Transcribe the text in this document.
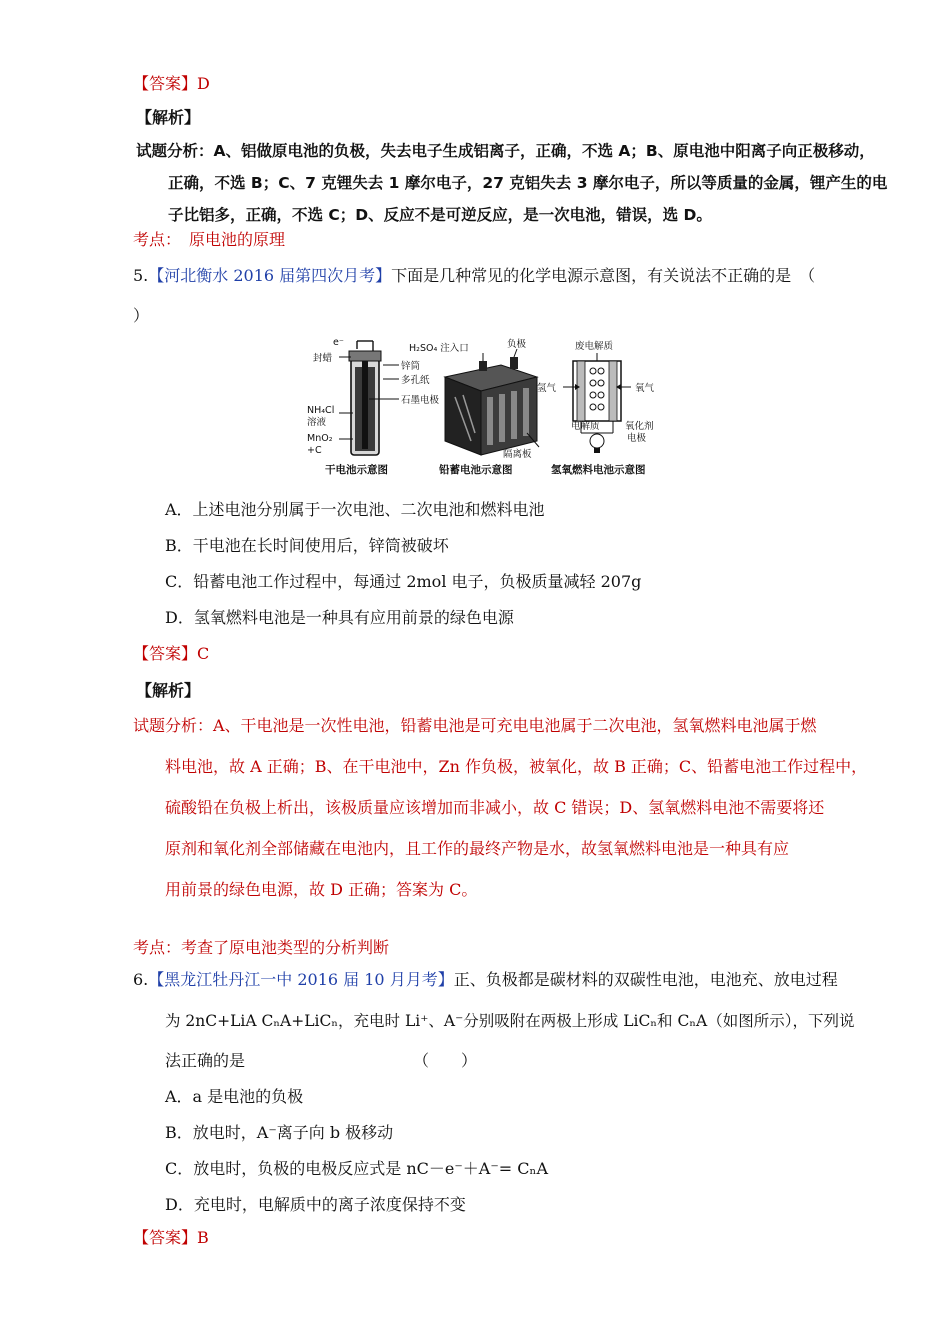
【答案】D
【解析】
试题分析：A、铝做原电池的负极，失去电子生成铝离子，正确，不选 A；B、原电池中阳离子向正极移动，
正确，不选 B；C、7 克锂失去 1 摩尔电子，27 克铝失去 3 摩尔电子，所以等质量的金属，锂产生的电
子比铝多，正确，不选 C；D、反应不是可逆反应，是一次电池，错误，选 D。
考点：　 原电池的原理
5.【河北衡水 2016 届第四次月考】下面是几种常见的化学电源示意图，有关说法不正确的是　（
）
e⁻
封蜡
锌筒
多孔纸
石墨电极
NH₄Cl
溶液
MnO₂
+C
干电池示意图
H₂SO₄ 注入口	负极
隔离板
铅蓄电池示意图
废电解质
氢气	氧气
电解质	氧化剂
电极
氢氧燃料电池示意图
A．上述电池分别属于一次电池、二次电池和燃料电池
B．干电池在长时间使用后，锌筒被破坏
C．铅蓄电池工作过程中，每通过 2mol 电子，负极质量减轻 207g
D．氢氧燃料电池是一种具有应用前景的绿色电源
【答案】C
【解析】
试题分析：A、干电池是一次性电池，铅蓄电池是可充电电池属于二次电池，氢氧燃料电池属于燃
料电池，故 A 正确；B、在干电池中，Zn 作负极，被氧化，故 B 正确；C、铅蓄电池工作过程中，
硫酸铅在负极上析出，该极质量应该增加而非减小，故 C 错误；D、氢氧燃料电池不需要将还
原剂和氧化剂全部储藏在电池内，且工作的最终产物是水，故氢氧燃料电池是一种具有应
用前景的绿色电源，故 D 正确；答案为 C。
考点：考查了原电池类型的分析判断
6.【黑龙江牡丹江一中 2016 届 10 月月考】正、负极都是碳材料的双碳性电池，电池充、放电过程
为 2nC+LiA CₙA+LiCₙ，充电时 Li⁺、A⁻分别吸附在两极上形成 LiCₙ和 CₙA（如图所示），下列说
法正确的是　　　　　　　　　　　（　　）
A．a 是电池的负极
B．放电时，A⁻离子向 b 极移动
C．放电时，负极的电极反应式是 nC－e⁻＋A⁻= CₙA
D．充电时，电解质中的离子浓度保持不变
【答案】B
